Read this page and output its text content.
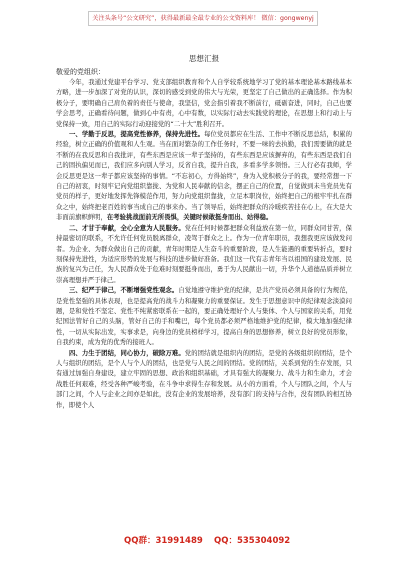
关注头条号“公文研究”，获得最新最全最专业的公文资料库！ 微信：gongwenyj
思想汇报
敬爱的党组织：

今年，我通过党建平台学习、党支部组织教育和个人自学较系统地学习了党的基本理论基本路线基本方略，进一步加深了对党的认识，深切的感受到党的伟大与光荣，更坚定了自己做出的正确选择。作为积极分子，要明确自己肩负着的责任与使命，我坚信，党会指引着我不断前行，砥砺奋进，同时，自己也要学会思考，正确看待问题，做到心中有责，心中有数，以实际行动去实践党的理论，在思想上和行动上与党保持一致，用自己的实际行动迎接党的“二十大”胜利召开。

一、学勤于反思，提高党性修养，保持先进性。每位党员都应在生活、工作中不断反思总结，积累的经验，树立正确的价值观和人生观。当在面对繁杂的工作任务时，不要一味的去执勤，我们需要做的就是不断的在我反思和自我批评，有些东西是应该一辈子坚持的，有些东西是应该摒弃的，有些东西是我们自己的固执偏见而已，我们应多向别人学习，反省自我，提升自我，多看多学多领悟。三人行必有我师，学会反思更是这一辈子都应该坚持的事情。“不忘初心，方得始终”，身为入党积极分子的我，要经常想一下自己的初衷，时刻牢记向党组织靠拢、为党和人民奉献的信念，摆正自己的位置，自觉做到未当党员先有党员的样子，更好地发挥先锋模范作用，努力向党组织靠拢，立足本职岗位，始终把自己的根牢牢扎在群众之中，始终把老百姓的事当成自己的事来办。当了领导后，始终把群众的冷暖疾苦挂在心上，在大是大非面前旗帜鲜明，在考验挑战面前无所畏惧，关键时候敢挺身而出、站得稳。

二、才甘于奉献，全心全意为人民服务。党在任何时候都把群众利益放在第一位，同群众同甘苦，保持最密切的联系，不允许任何党员脱离群众，凌驾于群众之上。作为一位青年职员，我想我更应该做发问者。为企业、为群众做出自己的贡献，青年时期是人生奋斗的重要阶段，是人生能遇的重要转折点，要时刻保持先进性，为适应形势的发展与科技的进步做好准备。我们这一代有志青年当以祖国的建设发展、民族的复兴为己任，为人民群众处于危难时刻要挺身而出，勇于为人民献出一切，升华个人道德品质并树立崇高理想并严于律己。

三、纪严于律己，不断增强党性观念。自觉地遵守维护党的纪律，是共产党员必须具备的行为规范，是党性坚强的具体表现，也是提高党的战斗力和凝聚力的重要保证。发生于思想意识中的纪律观念淡漠问题，是和党性不坚定、党性不纯紧密联系在一起的，要正确处理好个人与集体、个人与国家的关系，用党纪国法管好自己的头脑，管好自己的手和嘴巴，每个党员都必须严格地维护党的纪律，模大地加强纪律性，一切从实际出发，实事求是，向身边的党员榜样学习，提高自身的思想修养，树立良好的党员形象，自我约束，成为党的优秀的接班人。

四、力生于团结，同心协力，破除万难。党的团结就是组织内的团结，是党的各级组织的团结，是个人与组织的团结，是个人与个人的团结，也是党与人民之间的团结。党的团结，关系到党的生存发展，只有通过加强自身建设，建立牢固的思想、政治和组织基础，才具有强大的凝聚力、战斗力和生命力，才会战胜任何艰难，经受各种严峻考验，在斗争中求得生存和发展。从小的方面看，个人与团队之间，个人与部门之间，个人与企业之间亦是如此，没有企业的发展培养，没有部门的支持与合作，没有团队的相互协作，即使个人

QQ群：31991489 QQ：535304092
